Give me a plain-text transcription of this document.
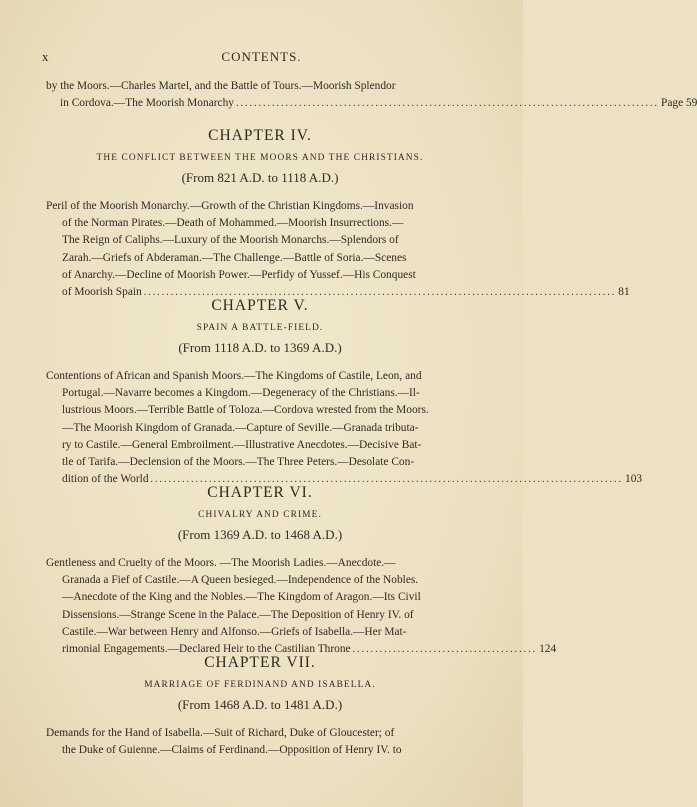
x	CONTENTS.

by the Moors.—Charles Martel, and the Battle of Tours.—Moorish Splendor

in Cordova.—The Moorish Monarchy .............................................................................................. Page 59

CHAPTER IV.

THE CONFLICT BETWEEN THE MOORS AND THE CHRISTIANS.

(From 821 A.D. to 1118 A.D.)

Peril of the Moorish Monarchy.—Growth of the Christian Kingdoms.—Invasion

of the Norman Pirates.—Death of Mohammed.—Moorish Insurrections.—

The Reign of Caliphs.—Luxury of the Moorish Monarchs.—Splendors of

Zarah.—Griefs of Abderaman.—The Challenge.—Battle of Soria.—Scenes

of Anarchy.—Decline of Moorish Power.—Perfidy of Yussef.—His Conquest

of Moorish Spain ......................................................................................................... 81

CHAPTER V.

SPAIN A BATTLE-FIELD.

(From 1118 A.D. to 1369 A.D.)

Contentions of African and Spanish Moors.—The Kingdoms of Castile, Leon, and

Portugal.—Navarre becomes a Kingdom.—Degeneracy of the Christians.—Il-

lustrious Moors.—Terrible Battle of Toloza.—Cordova wrested from the Moors.

—The Moorish Kingdom of Granada.—Capture of Seville.—Granada tributa-

ry to Castile.—General Embroilment.—Illustrative Anecdotes.—Decisive Bat-

tle of Tarifa.—Declension of the Moors.—The Three Peters.—Desolate Con-

dition of the World ......................................................................................................... 103

CHAPTER VI.

CHIVALRY AND CRIME.

(From 1369 A.D. to 1468 A.D.)

Gentleness and Cruelty of the Moors. —The Moorish Ladies.—Anecdote.—

Granada a Fief of Castile.—A Queen besieged.—Independence of the Nobles.

—Anecdote of the King and the Nobles.—The Kingdom of Aragon.—Its Civil

Dissensions.—Strange Scene in the Palace.—The Deposition of Henry IV. of

Castile.—War between Henry and Alfonso.—Griefs of Isabella.—Her Mat-

rimonial Engagements.—Declared Heir to the Castilian Throne ......................................... 124

CHAPTER VII.

MARRIAGE OF FERDINAND AND ISABELLA.

(From 1468 A.D. to 1481 A.D.)

Demands for the Hand of Isabella.—Suit of Richard, Duke of Gloucester; of

the Duke of Guienne.—Claims of Ferdinand.—Opposition of Henry IV. to
